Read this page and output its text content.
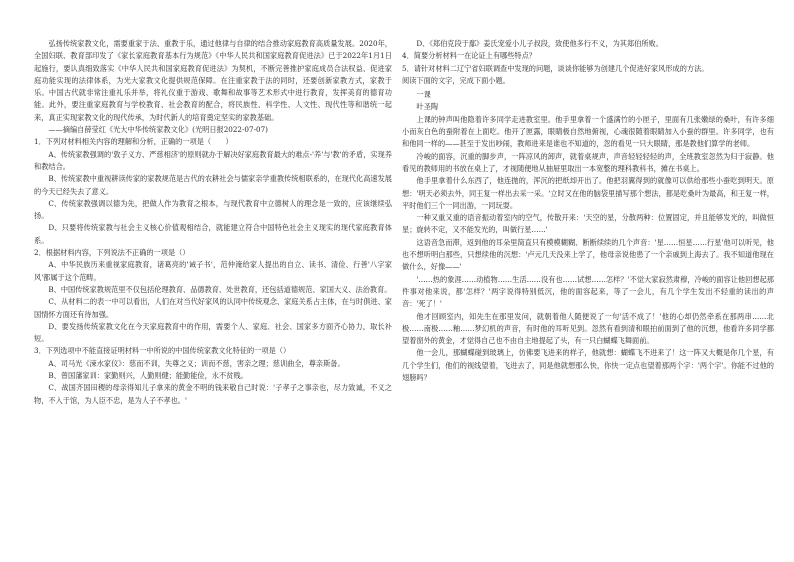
弘扬传统家教文化，需要重家于法、重教于乐，通过他律与自律的结合推动家庭教育高质量发展。2020年，全国妇联、教育部印发了《家长家庭教育基本行为规范》《中华人民共和国家庭教育促进法》已于2022年1月1日起施行，要认真细致落实《中华人民共和国家庭教育促进法》为契机，不断完善推护家庭成员合法权益、促进家庭功能实现的法律体系，为光大家教文化提供规范保障。在注重家教于法的同时，还要创新家教方式，家教于乐。中国古代就非常注重礼乐并举，将礼仪重于游戏、歌舞和故事等艺术形式中进行教育，发挥美育的德育功能。此外，要注重家庭教育与学校教育、社会教育的配合，将民族性、科学性、人文性、现代性等和谐统一起来，真正实现家教文化的现代传承，为时代新人的培育奠定坚实的家教基础。

——摘编自薛莹红《光大中华传统家教文化》(光明日报2022-07-07)

1．下列对材料相关内容的理解和分析，正确的一项是（　　）

A、传统家教强调的'敦子义方、严慈相济'的原则就办于解决好家庭教育最大的难点-'养'与'教'的矛盾，实现养和教结合。

B、传统家教中重视耕读传家的家教规范是古代的农耕社会与儒家亲学重教传统相联系的，在现代化高速发展的今天已经失去了意义。

C、传统家教强调以德为先，把做人作为教育之根本，与现代教育中立德树人的理念是一致的，应该继续弘扬。

D、只要将传统家教与社会主义核心价值观相结合，就能建立符合中国特色社会主义现实的现代家庭教育体系。

2．根据材料内容，下列说法不正确的一项是（）

A、中华民族历来重视家庭教育，诸葛亮的'诫子书'，范仲淹给家人提出的自立、读书、清俭、行善'八字家风'都属于这个范畴。

B、中国传统家教规范里不仅包括伦理教育、品德教育、处世教育，还包括道德规范、家国大义、法治教育。

C、从材料二的表一中可以看出，人们在对当代好家风的认同中传统观念、家庭关系占主体，在与时俱进、家国情怀方面还有待加强。

D、要发扬传统家教文化在今天家庭教育中的作用，需要个人、家庭、社会、国家多方面齐心协力，取长补短。

3．下列选项中不能直接证明材料一中所说的中国传统家教文化特征的一项是（）

A、司马光《涑水家仪》：慈而不训，失尊之义；训而不慈，害亲之理；慈训曲全，尊亲斯备。

B、曾国藩家训：家勤则兴，人勤则健；能勤能俭，永不贫贱。

C、战国齐国田稷的母亲得知儿子拿来的黄金不明的钱来敬自己时说：'子孝子之事亲也，尽力致诚，不义之物，不入于馆，为人臣不忠，是为人子不孝也。'

D、《郑伯克段于鄢》姜氏宠爱小儿子叔段，致使他多行不义，为其郑伯所败。

4．简要分析材料一在论证上有哪些特点？

5．请针对材料二辽宁省妇联调查中发现的问题，谈谈你能够为创建几个促进好家风形成的方法。

阅读下面的文字，完成下面小题。

一课

叶圣陶

上课的钟声叫他隐着许多同学走进教室里。他手里拿着一个盛满竹的小匣子，里面有几张嫩绿的桑叶，有许多细小而灰白色的蚕附着在上面吃。他开了匣露，眼睛极自然地俯视，心魂很随着眼睛加入小蚕的群里。许多同学，也有和他同一样的——甚至于发出吵闹，教师进来是谁也不知道的，忽的看见一只大眼睛，那是教他们算学的老师。

冷峻的面容，沉重的脚步声，一阵凉风的卸声，就着桌规声，声音轻轻轻轻的声，全班教室忽然为归于寂静。他看见的教师用的书放在桌上了，才视随便地从抽屉里取出一本宽整的理科教科书，摊在书桌上。

他手里拿着什么东西了，他连抛的，浑沉的把纸却开出了。他把羽翼得到的就像可以供给那些小蚕吃到明天。原想：'明天必须去外，同王复一样出去采一采。'立时又在他的脑袋里描写那个想法，都是吃桑叶为最高，和王复一样，平时他们三个一同出游，一同玩耍。

一种又重又重的语音振动着室内的空气，传散开来：'天空的星，分散两种：位置固定，并且能够发光的，叫做恒星；旋转不定，又不能发光的，叫做行星……'

这语音急而滞，返到他的耳朵里简直只有模模糊糊、断断续续的几个声音：'星……恒星……行星'他可以听见，他也不想听明白那些，只想续他的沉想：'卢元几天没来上学了，他母亲说他患了一个亲戚到上海去了。我不知道他现在做什么，好像——'

'……热的象涯……动植物……生活……没有也……试想……怎样？'不觉大家寂然肃穆，冷峻的面容让他回想起那件事对他来说，都'怎样？'两字说得特别低沉，他的面容起来，等了一会儿，有几个学生发出不轻重的读出的声音：'死了！'

他才回顾室内，知先生在那里发问，就朝着他人随便说了一句'活不成了！'他的心却仍然牵系在那两串……北极……南极……釉……梦幻机的声音，有时他的耳听见到。忽然有看到清和眼拍前面到了他的沉想，他看许多同学都望着窗外的黄金，才觉得自己也不由自主地提起了头，有一只白蝴蝶飞舞面前。

他一会儿，那蝴蝶碰到玻璃上，仿佛要飞进来的样子，他就想：蝴蝶飞不进来了！这一阵又大概是你几个星，有几个学生们，他们的视线望着，飞进去了，同是他就想那么快，你快一定点也望着那两个字：'两个字'。你能不过他的翅膀吗？
